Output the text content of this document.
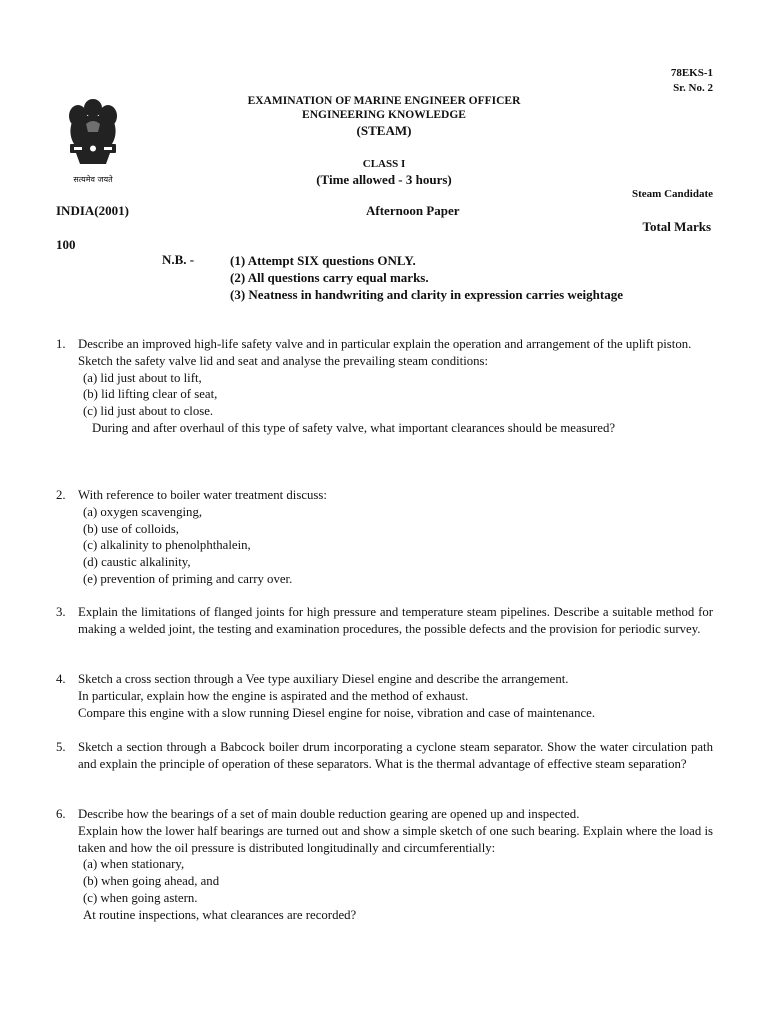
78EKS-1
Sr. No. 2
सत्यमेव जयते
EXAMINATION OF MARINE ENGINEER OFFICER
ENGINEERING KNOWLEDGE
(STEAM)
CLASS I
(Time allowed - 3 hours)
Steam Candidate
INDIA(2001)	Afternoon Paper
Total Marks
100
N.B. -	(1) Attempt SIX questions ONLY.
(2) All questions carry equal marks.
(3) Neatness in handwriting and clarity in expression carries weightage
1. Describe an improved high-life safety valve and in particular explain the operation and arrangement of the uplift piston.
Sketch the safety valve lid and seat and analyse the prevailing steam conditions:
(a) lid just about to lift,
(b) lid lifting clear of seat,
(c) lid just about to close.
During and after overhaul of this type of safety valve, what important clearances should be measured?
2. With reference to boiler water treatment discuss:
(a) oxygen scavenging,
(b) use of colloids,
(c) alkalinity to phenolphthalein,
(d) caustic alkalinity,
(e) prevention of priming and carry over.
3. Explain the limitations of flanged joints for high pressure and temperature steam pipelines. Describe a suitable method for making a welded joint, the testing and examination procedures, the possible defects and the provision for periodic survey.
4. Sketch a cross section through a Vee type auxiliary Diesel engine and describe the arrangement.
In particular, explain how the engine is aspirated and the method of exhaust.
Compare this engine with a slow running Diesel engine for noise, vibration and case of maintenance.
5. Sketch a section through a Babcock boiler drum incorporating a cyclone steam separator. Show the water circulation path and explain the principle of operation of these separators. What is the thermal advantage of effective steam separation?
6. Describe how the bearings of a set of main double reduction gearing are opened up and inspected.
Explain how the lower half bearings are turned out and show a simple sketch of one such bearing. Explain where the load is taken and how the oil pressure is distributed longitudinally and circumferentially:
(a) when stationary,
(b) when going ahead, and
(c) when going astern.
At routine inspections, what clearances are recorded?
